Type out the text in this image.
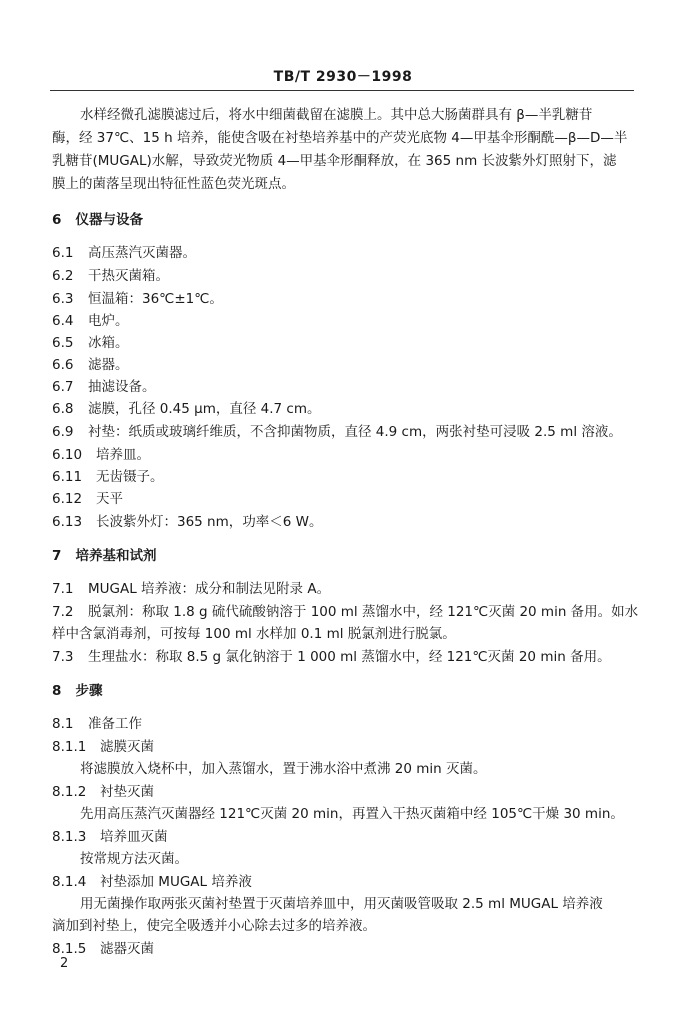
TB/T 2930－1998
水样经微孔滤膜滤过后，将水中细菌截留在滤膜上。其中总大肠菌群具有 β—半乳糖苷
酶，经 37℃、15 h 培养，能使含吸在衬垫培养基中的产荧光底物 4—甲基伞形酮酰—β—D—半
乳糖苷(MUGAL)水解，导致荧光物质 4—甲基伞形酮释放，在 365 nm 长波紫外灯照射下，滤
膜上的菌落呈现出特征性蓝色荧光斑点。
6 仪器与设备
6.1 高压蒸汽灭菌器。
6.2 干热灭菌箱。
6.3 恒温箱：36℃±1℃。
6.4 电炉。
6.5 冰箱。
6.6 滤器。
6.7 抽滤设备。
6.8 滤膜，孔径 0.45 μm，直径 4.7 cm。
6.9 衬垫：纸质或玻璃纤维质，不含抑菌物质，直径 4.9 cm，两张衬垫可浸吸 2.5 ml 溶液。
6.10 培养皿。
6.11 无齿镊子。
6.12 天平
6.13 长波紫外灯：365 nm，功率＜6 W。
7 培养基和试剂
7.1 MUGAL 培养液：成分和制法见附录 A。
7.2 脱氯剂：称取 1.8 g 硫代硫酸钠溶于 100 ml 蒸馏水中，经 121℃灭菌 20 min 备用。如水
样中含氯消毒剂，可按每 100 ml 水样加 0.1 ml 脱氯剂进行脱氯。
7.3 生理盐水：称取 8.5 g 氯化钠溶于 1 000 ml 蒸馏水中，经 121℃灭菌 20 min 备用。
8 步骤
8.1 准备工作
8.1.1 滤膜灭菌
将滤膜放入烧杯中，加入蒸馏水，置于沸水浴中煮沸 20 min 灭菌。
8.1.2 衬垫灭菌
先用高压蒸汽灭菌器经 121℃灭菌 20 min，再置入干热灭菌箱中经 105℃干燥 30 min。
8.1.3 培养皿灭菌
按常规方法灭菌。
8.1.4 衬垫添加 MUGAL 培养液
用无菌操作取两张灭菌衬垫置于灭菌培养皿中，用灭菌吸管吸取 2.5 ml MUGAL 培养液
滴加到衬垫上，使完全吸透并小心除去过多的培养液。
8.1.5 滤器灭菌
2
